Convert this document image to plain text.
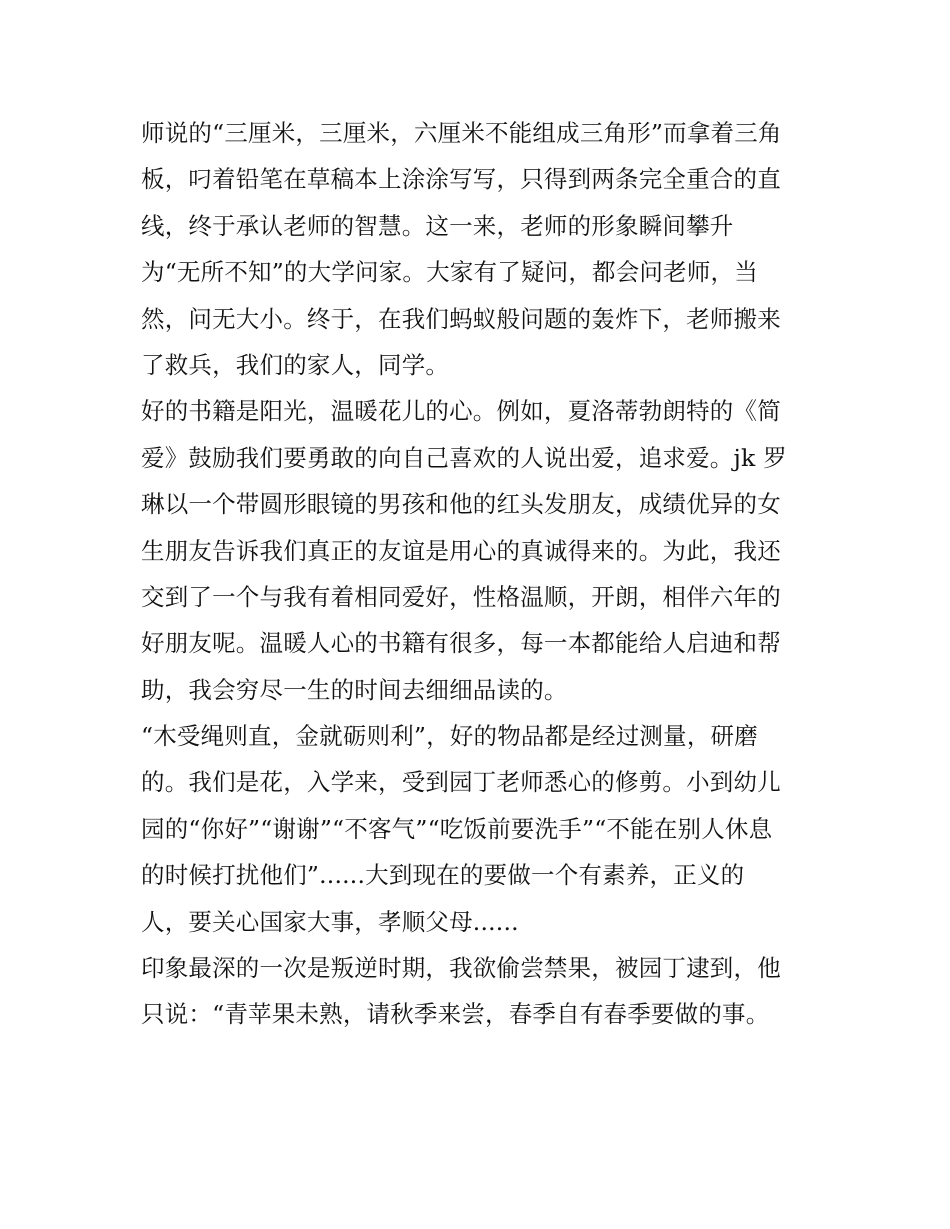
师说的“三厘米，三厘米，六厘米不能组成三角形”而拿着三角
板，叼着铅笔在草稿本上涂涂写写，只得到两条完全重合的直
线，终于承认老师的智慧。这一来，老师的形象瞬间攀升
为“无所不知”的大学问家。大家有了疑问，都会问老师，当
然，问无大小。终于，在我们蚂蚁般问题的轰炸下，老师搬来
了救兵，我们的家人，同学。
好的书籍是阳光，温暖花儿的心。例如，夏洛蒂勃朗特的《简
爱》鼓励我们要勇敢的向自己喜欢的人说出爱，追求爱。jk 罗
琳以一个带圆形眼镜的男孩和他的红头发朋友，成绩优异的女
生朋友告诉我们真正的友谊是用心的真诚得来的。为此，我还
交到了一个与我有着相同爱好，性格温顺，开朗，相伴六年的
好朋友呢。温暖人心的书籍有很多，每一本都能给人启迪和帮
助，我会穷尽一生的时间去细细品读的。
“木受绳则直，金就砺则利”，好的物品都是经过测量，研磨
的。我们是花，入学来，受到园丁老师悉心的修剪。小到幼儿
园的“你好”“谢谢”“不客气”“吃饭前要洗手”“不能在别人休息
的时候打扰他们”......大到现在的要做一个有素养，正义的
人，要关心国家大事，孝顺父母......
印象最深的一次是叛逆时期，我欲偷尝禁果，被园丁逮到，他
只说：“青苹果未熟，请秋季来尝，春季自有春季要做的事。
